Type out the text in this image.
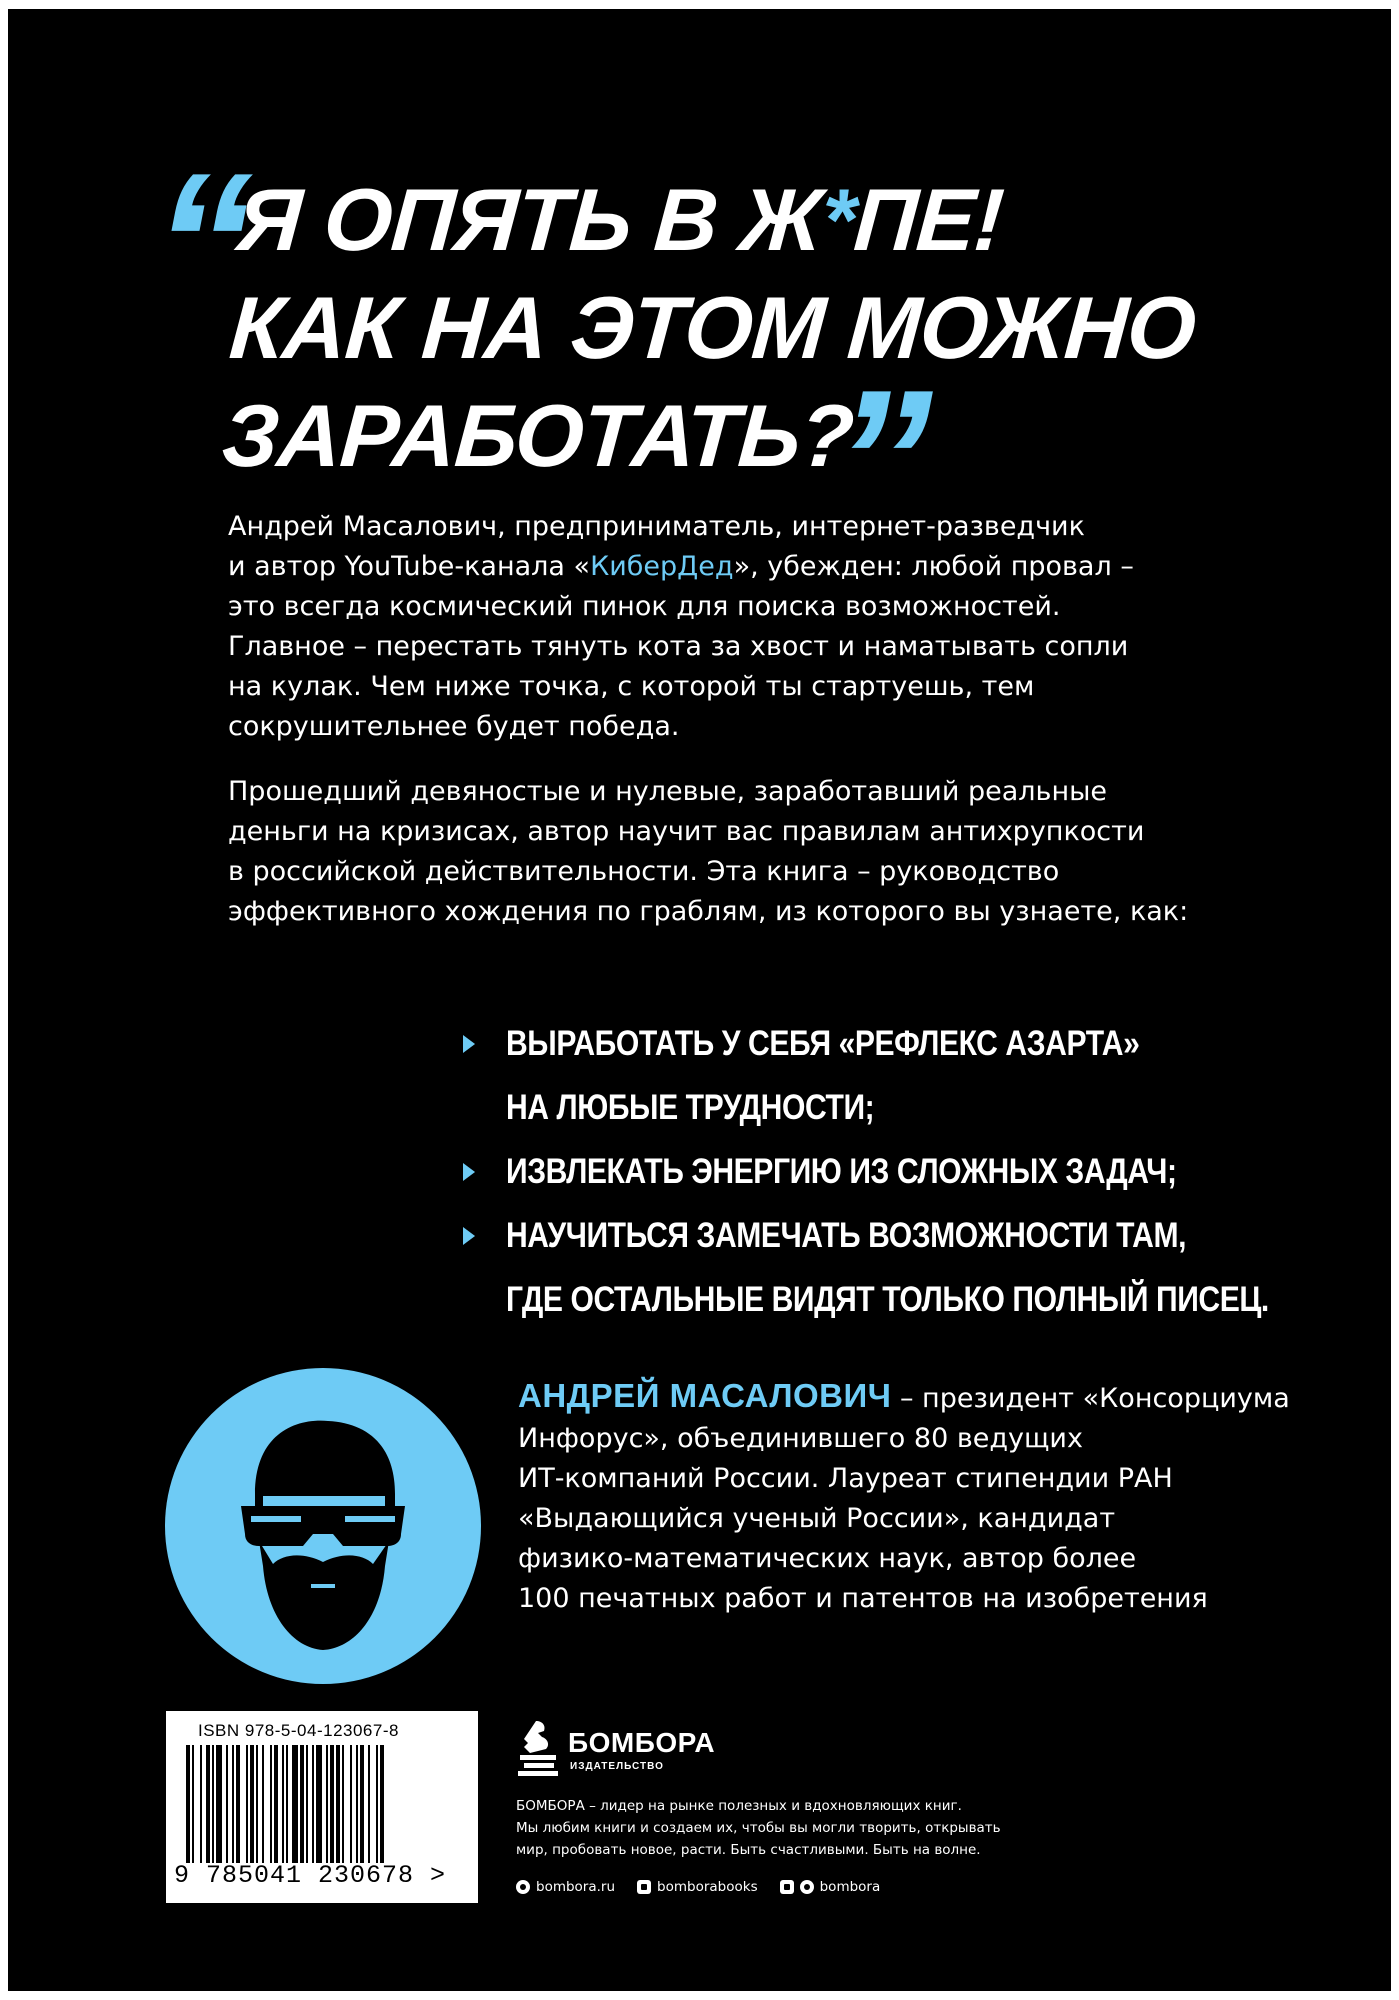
“
Я ОПЯТЬ В Ж*ПЕ!
КАК НА ЭТОМ МОЖНО
ЗАРАБОТАТЬ?
”

Андрей Масалович, предприниматель, интернет-разведчик
и автор YouTube-канала «КиберДед», убежден: любой провал –
это всегда космический пинок для поиска возможностей.
Главное – перестать тянуть кота за хвост и наматывать сопли
на кулак. Чем ниже точка, с которой ты стартуешь, тем
сокрушительнее будет победа.

Прошедший девяностые и нулевые, заработавший реальные
деньги на кризисах, автор научит вас правилам антихрупкости
в российской действительности. Эта книга – руководство
эффективного хождения по граблям, из которого вы узнаете, как:

ВЫРАБОТАТЬ У СЕБЯ «РЕФЛЕКС АЗАРТА»
НА ЛЮБЫЕ ТРУДНОСТИ;

ИЗВЛЕКАТЬ ЭНЕРГИЮ ИЗ СЛОЖНЫХ ЗАДАЧ;

НАУЧИТЬСЯ ЗАМЕЧАТЬ ВОЗМОЖНОСТИ ТАМ,
ГДЕ ОСТАЛЬНЫЕ ВИДЯТ ТОЛЬКО ПОЛНЫЙ ПИСЕЦ.

АНДРЕЙ МАСАЛОВИЧ – президент «Консорциума
Инфорус», объединившего 80 ведущих
ИТ-компаний России. Лауреат стипендии РАН
«Выдающийся ученый России», кандидат
физико-математических наук, автор более
100 печатных работ и патентов на изобретения

ISBN 978-5-04-123067-8
9 785041 230678 >
БОМБОРА
ИЗДАТЕЛЬСТВО
БОМБОРА – лидер на рынке полезных и вдохновляющих книг.
Мы любим книги и создаем их, чтобы вы могли творить, открывать
мир, пробовать новое, расти. Быть счастливыми. Быть на волне.
bombora.ru	bomborabooks	bombora
